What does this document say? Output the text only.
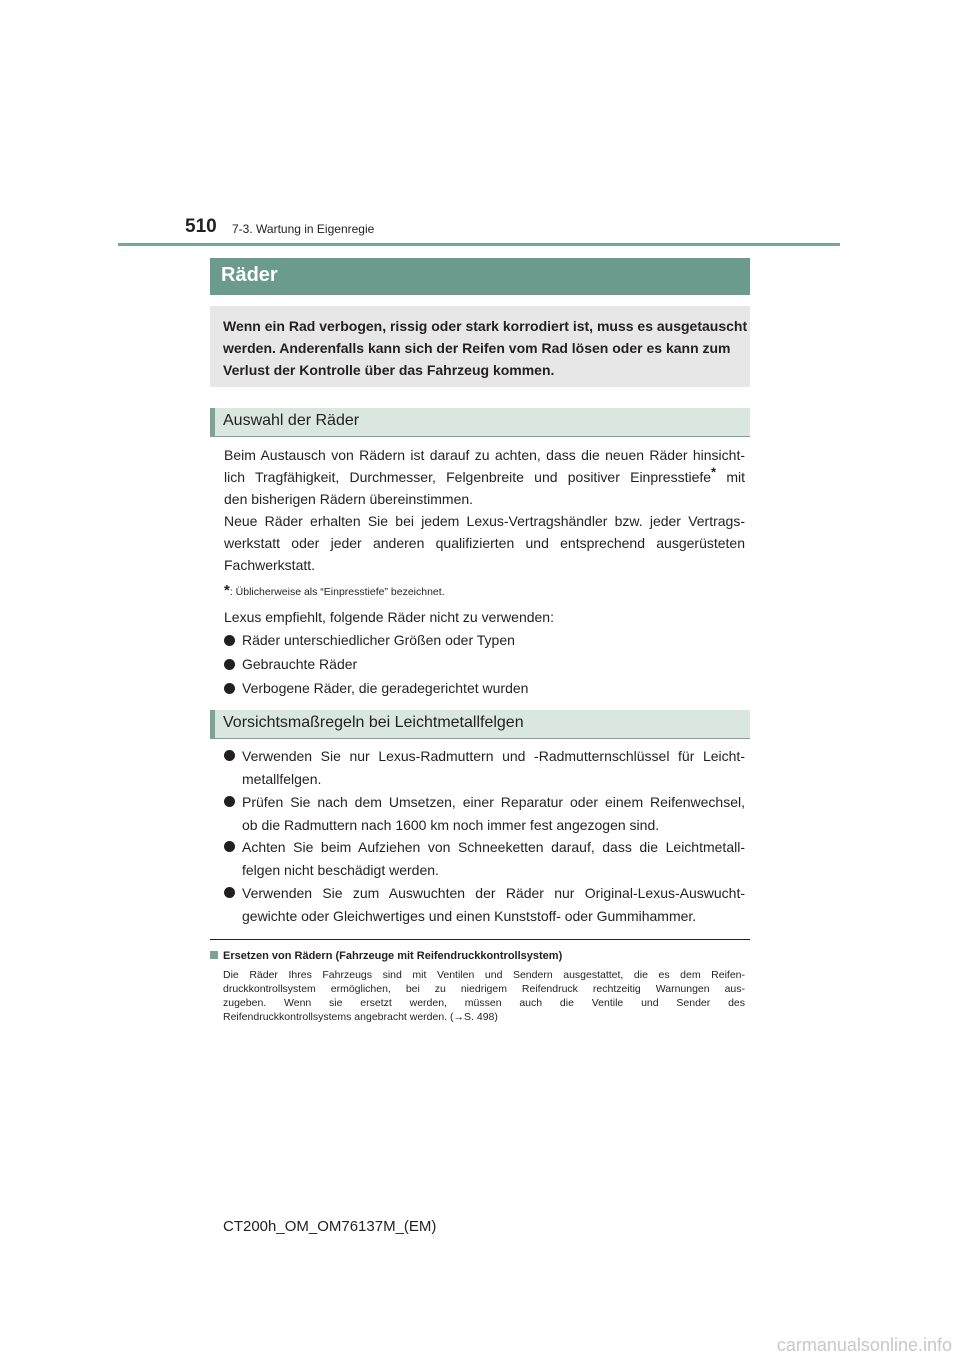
510 7-3. Wartung in Eigenregie
Räder
Wenn ein Rad verbogen, rissig oder stark korrodiert ist, muss es ausgetauscht
werden. Anderenfalls kann sich der Reifen vom Rad lösen oder es kann zum
Verlust der Kontrolle über das Fahrzeug kommen.
Auswahl der Räder
Beim Austausch von Rädern ist darauf zu achten, dass die neuen Räder hinsicht-
lich Tragfähigkeit, Durchmesser, Felgenbreite und positiver Einpresstiefe* mit
den bisherigen Rädern übereinstimmen.
Neue Räder erhalten Sie bei jedem Lexus-Vertragshändler bzw. jeder Vertrags-
werkstatt oder jeder anderen qualifizierten und entsprechend ausgerüsteten
Fachwerkstatt.
*: Üblicherweise als “Einpresstiefe” bezeichnet.
Lexus empfiehlt, folgende Räder nicht zu verwenden:
Räder unterschiedlicher Größen oder Typen
Gebrauchte Räder
Verbogene Räder, die geradegerichtet wurden
Vorsichtsmaßregeln bei Leichtmetallfelgen
Verwenden Sie nur Lexus-Radmuttern und -Radmutternschlüssel für Leicht-
metallfelgen.
Prüfen Sie nach dem Umsetzen, einer Reparatur oder einem Reifenwechsel,
ob die Radmuttern nach 1600 km noch immer fest angezogen sind.
Achten Sie beim Aufziehen von Schneeketten darauf, dass die Leichtmetall-
felgen nicht beschädigt werden.
Verwenden Sie zum Auswuchten der Räder nur Original-Lexus-Auswucht-
gewichte oder Gleichwertiges und einen Kunststoff- oder Gummihammer.
Ersetzen von Rädern (Fahrzeuge mit Reifendruckkontrollsystem)
Die Räder Ihres Fahrzeugs sind mit Ventilen und Sendern ausgestattet, die es dem Reifen-
druckkontrollsystem ermöglichen, bei zu niedrigem Reifendruck rechtzeitig Warnungen aus-
zugeben. Wenn sie ersetzt werden, müssen auch die Ventile und Sender des
Reifendruckkontrollsystems angebracht werden. (→S. 498)
CT200h_OM_OM76137M_(EM)
carmanualsonline.info
